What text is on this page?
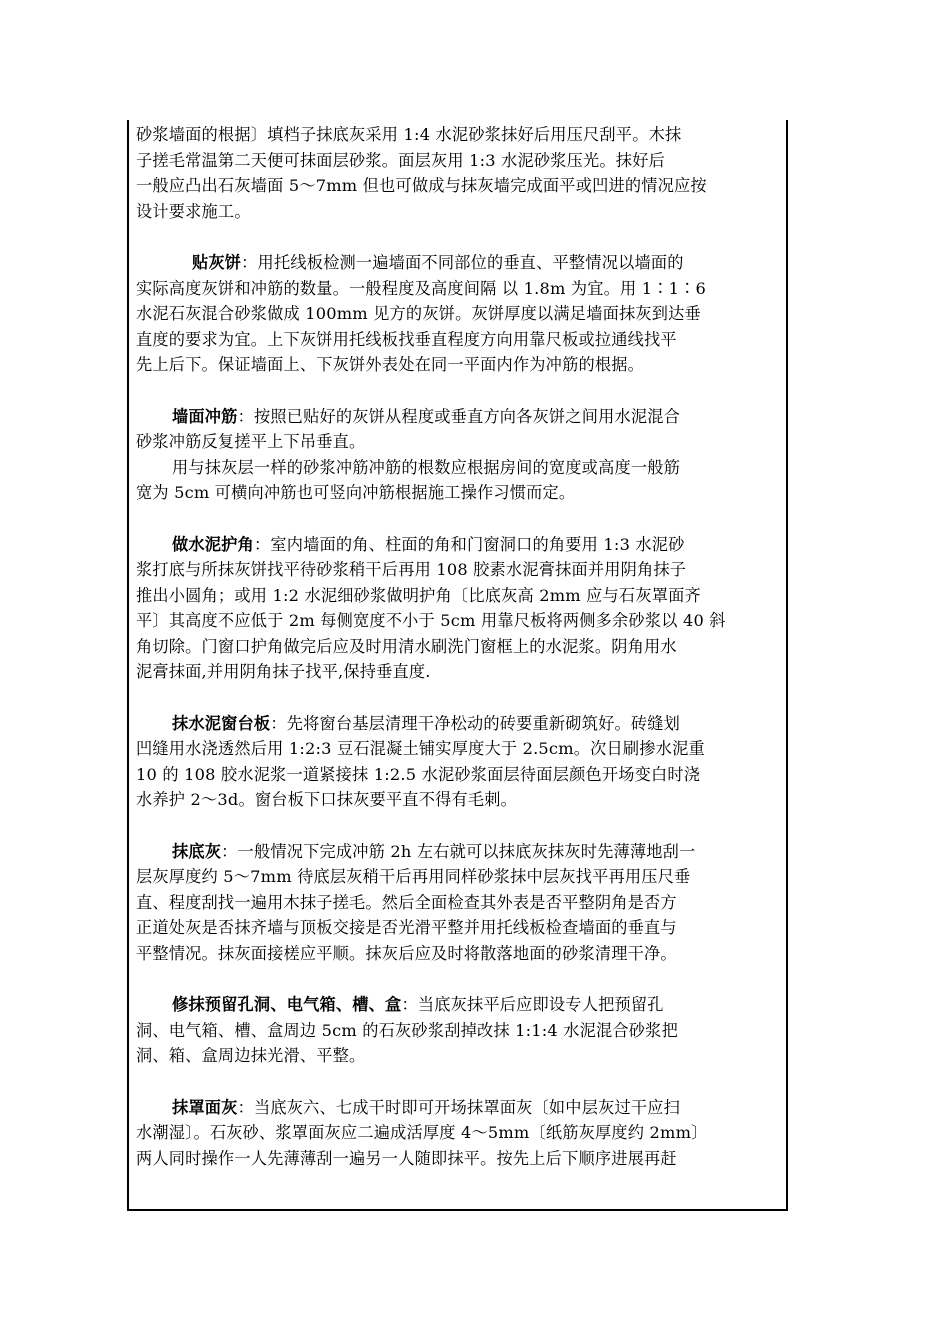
砂浆墙面的根据〕填档子抹底灰采用 1:4 水泥砂浆抹好后用压尺刮平。木抹
子搓毛常温第二天便可抹面层砂浆。面层灰用 1:3 水泥砂浆压光。抹好后
一般应凸出石灰墙面 5～7mm 但也可做成与抹灰墙完成面平或凹进的情况应按
设计要求施工。
贴灰饼：用托线板检测一遍墙面不同部位的垂直、平整情况以墙面的
实际高度灰饼和冲筋的数量。一般程度及高度间隔 以 1.8m 为宜。用 1∶1∶6
水泥石灰混合砂浆做成 100mm 见方的灰饼。灰饼厚度以满足墙面抹灰到达垂
直度的要求为宜。上下灰饼用托线板找垂直程度方向用靠尺板或拉通线找平
先上后下。保证墙面上、下灰饼外表处在同一平面内作为冲筋的根据。
墙面冲筋：按照已贴好的灰饼从程度或垂直方向各灰饼之间用水泥混合
砂浆冲筋反复搓平上下吊垂直。
用与抹灰层一样的砂浆冲筋冲筋的根数应根据房间的宽度或高度一般筋
宽为 5cm 可横向冲筋也可竖向冲筋根据施工操作习惯而定。
做水泥护角：室内墙面的角、柱面的角和门窗洞口的角要用 1:3 水泥砂
浆打底与所抹灰饼找平待砂浆稍干后再用 108 胶素水泥膏抹面并用阴角抹子
推出小圆角；或用 1:2 水泥细砂浆做明护角〔比底灰高 2mm 应与石灰罩面齐
平〕其高度不应低于 2m 每侧宽度不小于 5cm 用靠尺板将两侧多余砂浆以 40 斜
角切除。门窗口护角做完后应及时用清水刷洗门窗框上的水泥浆。阴角用水
泥膏抹面,并用阴角抹子找平,保持垂直度.
抹水泥窗台板：先将窗台基层清理干净松动的砖要重新砌筑好。砖缝划
凹缝用水浇透然后用 1:2:3 豆石混凝土铺实厚度大于 2.5cm。次日刷掺水泥重
10 的 108 胶水泥浆一道紧接抹 1:2.5 水泥砂浆面层待面层颜色开场变白时浇
水养护 2～3d。窗台板下口抹灰要平直不得有毛刺。
抹底灰：一般情况下完成冲筋 2h 左右就可以抹底灰抹灰时先薄薄地刮一
层灰厚度约 5～7mm 待底层灰稍干后再用同样砂浆抹中层灰找平再用压尺垂
直、程度刮找一遍用木抹子搓毛。然后全面检查其外表是否平整阴角是否方
正道处灰是否抹齐墙与顶板交接是否光滑平整并用托线板检查墙面的垂直与
平整情况。抹灰面接槎应平顺。抹灰后应及时将散落地面的砂浆清理干净。
修抹预留孔洞、电气箱、槽、盒：当底灰抹平后应即设专人把预留孔
洞、电气箱、槽、盒周边 5cm 的石灰砂浆刮掉改抹 1:1:4 水泥混合砂浆把
洞、箱、盒周边抹光滑、平整。
抹罩面灰：当底灰六、七成干时即可开场抹罩面灰〔如中层灰过干应扫
水潮湿〕。石灰砂、浆罩面灰应二遍成活厚度 4～5mm〔纸筋灰厚度约 2mm〕
两人同时操作一人先薄薄刮一遍另一人随即抹平。按先上后下顺序进展再赶
